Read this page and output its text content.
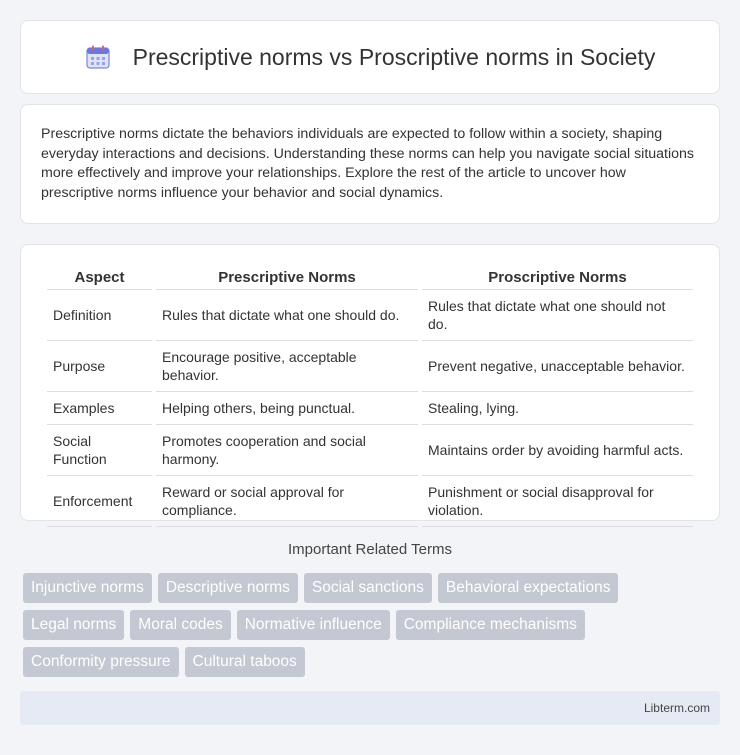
Prescriptive norms vs Proscriptive norms in Society

Prescriptive norms dictate the behaviors individuals are expected to follow within a society, shaping everyday interactions and decisions. Understanding these norms can help you navigate social situations more effectively and improve your relationships. Explore the rest of the article to uncover how prescriptive norms influence your behavior and social dynamics.

Aspect	Prescriptive Norms	Proscriptive Norms
Definition	Rules that dictate what one should do.	Rules that dictate what one should not do.
Purpose	Encourage positive, acceptable behavior.	Prevent negative, unacceptable behavior.
Examples	Helping others, being punctual.	Stealing, lying.
Social Function	Promotes cooperation and social harmony.	Maintains order by avoiding harmful acts.
Enforcement	Reward or social approval for compliance.	Punishment or social disapproval for violation.
Important Related Terms
Injunctive norms	Descriptive norms	Social sanctions	Behavioral expectations
Legal norms	Moral codes	Normative influence	Compliance mechanisms
Conformity pressure	Cultural taboos
Libterm.com
